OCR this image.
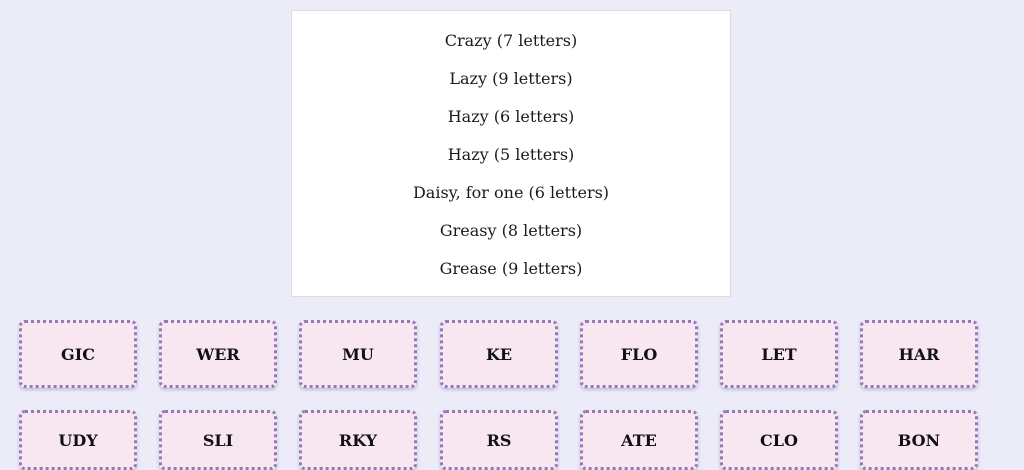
Crazy (7 letters)
Lazy (9 letters)
Hazy (6 letters)
Hazy (5 letters)
Daisy, for one (6 letters)
Greasy (8 letters)
Grease (9 letters)
GIC	WER	MU	KE	FLO	LET	HAR
UDY	SLI	RKY	RS	ATE	CLO	BON
